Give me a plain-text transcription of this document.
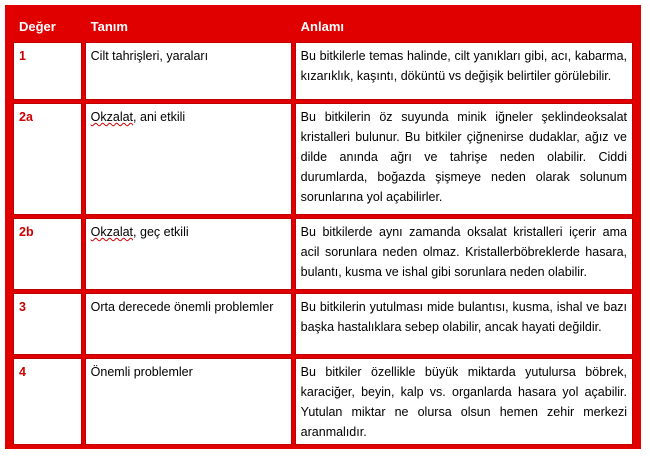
Değer	Tanım	Anlamı
1	Cilt tahrişleri, yaraları	Bu bitkilerle temas halinde, cilt yanıkları gibi, acı, kabarma, kızarıklık, kaşıntı, döküntü vs değişik belirtiler görülebilir.
2a	Okzalat, ani etkili	Bu bitkilerin öz suyunda minik iğneler şeklindeoksalat kristalleri bulunur. Bu bitkiler çiğnenirse dudaklar, ağız ve dilde anında ağrı ve tahrişe neden olabilir. Ciddi durumlarda, boğazda şişmeye neden olarak solunum sorunlarına yol açabilirler.
2b	Okzalat, geç etkili	Bu bitkilerde aynı zamanda oksalat kristalleri içerir ama acil sorunlara neden olmaz. Kristallerböbreklerde hasara, bulantı, kusma ve ishal gibi sorunlara neden olabilir.
3	Orta derecede önemli problemler	Bu bitkilerin yutulması mide bulantısı, kusma, ishal ve bazı başka hastalıklara sebep olabilir, ancak hayati değildir.
4	Önemli problemler	Bu bitkiler özellikle büyük miktarda yutulursa böbrek, karaciğer, beyin, kalp vs. organlarda hasara yol açabilir. Yutulan miktar ne olursa olsun hemen zehir merkezi aranmalıdır.
